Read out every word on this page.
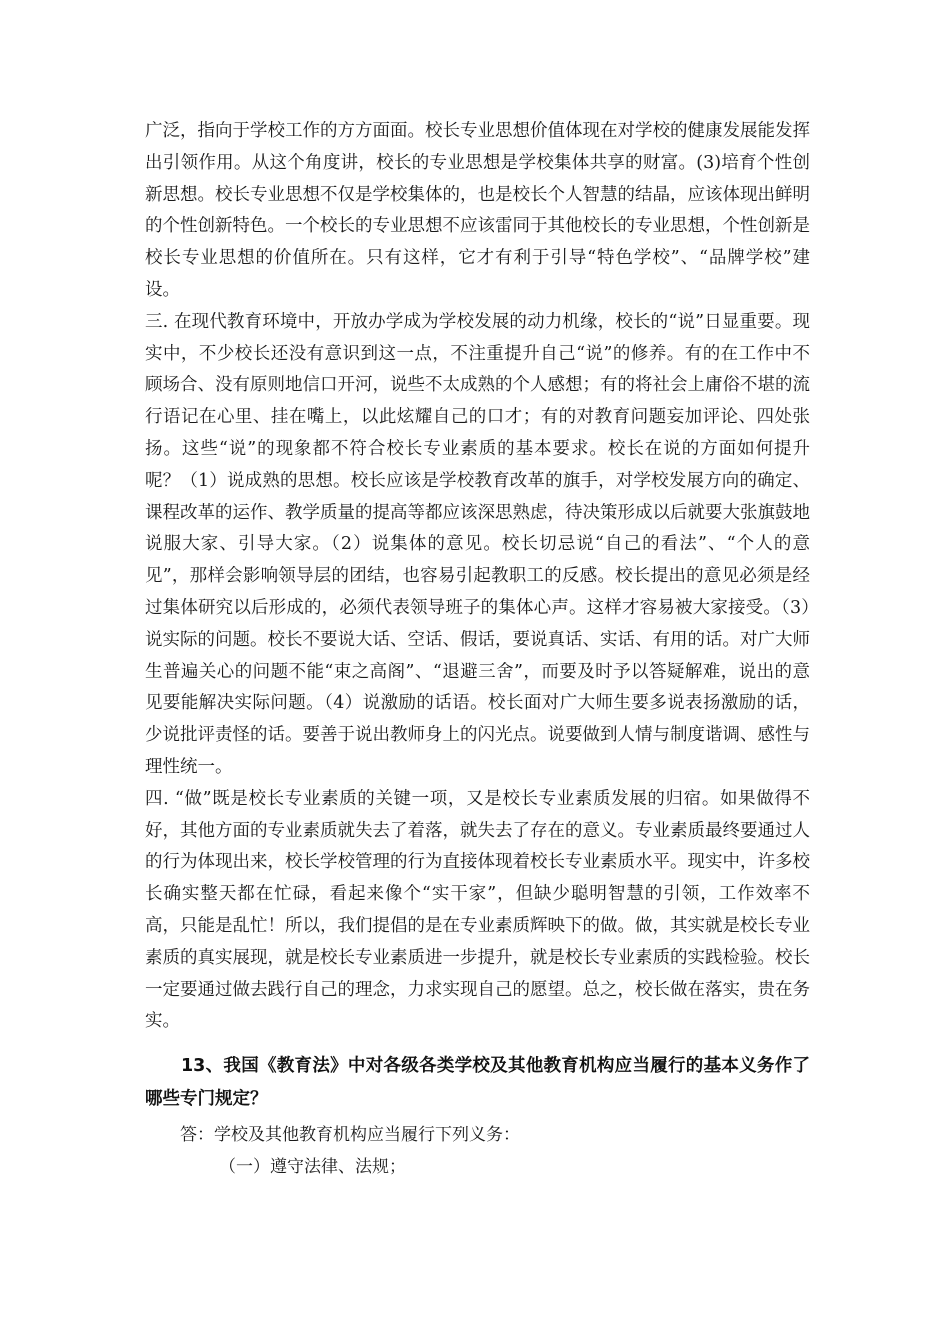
广泛，指向于学校工作的方方面面。校长专业思想价值体现在对学校的健康发展能发挥出引领作用。从这个角度讲，校长的专业思想是学校集体共享的财富。(3)培育个性创新思想。校长专业思想不仅是学校集体的，也是校长个人智慧的结晶，应该体现出鲜明的个性创新特色。一个校长的专业思想不应该雷同于其他校长的专业思想，个性创新是校长专业思想的价值所在。只有这样，它才有利于引导“特色学校”、“品牌学校”建设。

三. 在现代教育环境中，开放办学成为学校发展的动力机缘，校长的“说”日显重要。现实中，不少校长还没有意识到这一点，不注重提升自己“说”的修养。有的在工作中不顾场合、没有原则地信口开河，说些不太成熟的个人感想；有的将社会上庸俗不堪的流行语记在心里、挂在嘴上，以此炫耀自己的口才；有的对教育问题妄加评论、四处张扬。这些“说”的现象都不符合校长专业素质的基本要求。校长在说的方面如何提升呢？（1）说成熟的思想。校长应该是学校教育改革的旗手，对学校发展方向的确定、课程改革的运作、教学质量的提高等都应该深思熟虑，待决策形成以后就要大张旗鼓地说服大家、引导大家。（2）说集体的意见。校长切忌说“自己的看法”、“个人的意见”，那样会影响领导层的团结，也容易引起教职工的反感。校长提出的意见必须是经过集体研究以后形成的，必须代表领导班子的集体心声。这样才容易被大家接受。（3）说实际的问题。校长不要说大话、空话、假话，要说真话、实话、有用的话。对广大师生普遍关心的问题不能“束之高阁”、“退避三舍”，而要及时予以答疑解难，说出的意见要能解决实际问题。（4）说激励的话语。校长面对广大师生要多说表扬激励的话，少说批评责怪的话。要善于说出教师身上的闪光点。说要做到人情与制度谐调、感性与理性统一。

四. “做”既是校长专业素质的关键一项，又是校长专业素质发展的归宿。如果做得不好，其他方面的专业素质就失去了着落，就失去了存在的意义。专业素质最终要通过人的行为体现出来，校长学校管理的行为直接体现着校长专业素质水平。现实中，许多校长确实整天都在忙碌，看起来像个“实干家”，但缺少聪明智慧的引领，工作效率不高，只能是乱忙！所以，我们提倡的是在专业素质辉映下的做。做，其实就是校长专业素质的真实展现，就是校长专业素质进一步提升，就是校长专业素质的实践检验。校长一定要通过做去践行自己的理念，力求实现自己的愿望。总之，校长做在落实，贵在务实。

13、我国《教育法》中对各级各类学校及其他教育机构应当履行的基本义务作了哪些专门规定？

答：学校及其他教育机构应当履行下列义务：

（一）遵守法律、法规；
